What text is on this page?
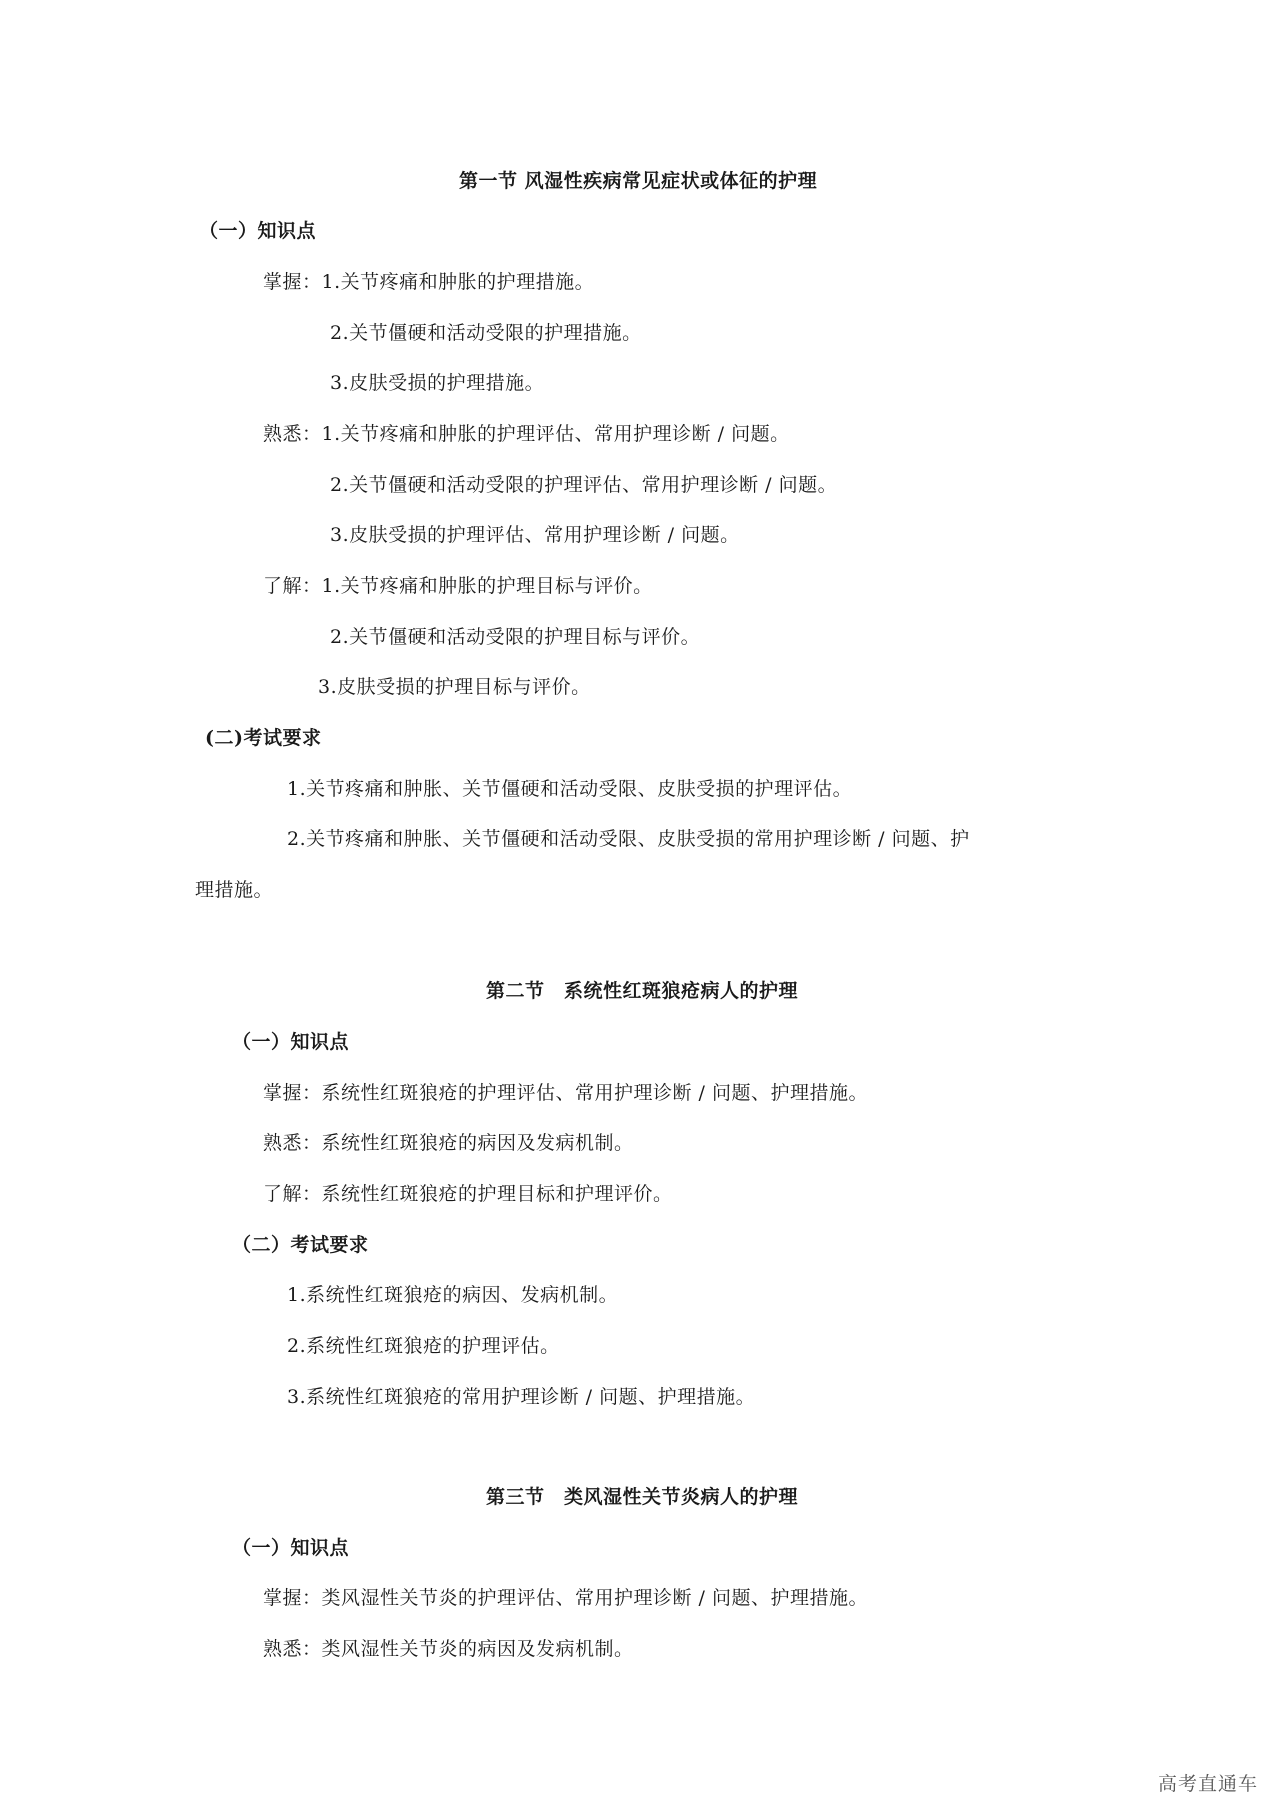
第一节 风湿性疾病常见症状或体征的护理
（一）知识点
掌握：1.关节疼痛和肿胀的护理措施。
2.关节僵硬和活动受限的护理措施。
3.皮肤受损的护理措施。
熟悉：1.关节疼痛和肿胀的护理评估、常用护理诊断 / 问题。
2.关节僵硬和活动受限的护理评估、常用护理诊断 / 问题。
3.皮肤受损的护理评估、常用护理诊断 / 问题。
了解：1.关节疼痛和肿胀的护理目标与评价。
2.关节僵硬和活动受限的护理目标与评价。
3.皮肤受损的护理目标与评价。
(二)考试要求
1.关节疼痛和肿胀、关节僵硬和活动受限、皮肤受损的护理评估。
2.关节疼痛和肿胀、关节僵硬和活动受限、皮肤受损的常用护理诊断 / 问题、护
理措施。
第二节　系统性红斑狼疮病人的护理
（一）知识点
掌握：系统性红斑狼疮的护理评估、常用护理诊断 / 问题、护理措施。
熟悉：系统性红斑狼疮的病因及发病机制。
了解：系统性红斑狼疮的护理目标和护理评价。
（二）考试要求
1.系统性红斑狼疮的病因、发病机制。
2.系统性红斑狼疮的护理评估。
3.系统性红斑狼疮的常用护理诊断 / 问题、护理措施。
第三节　类风湿性关节炎病人的护理
（一）知识点
掌握：类风湿性关节炎的护理评估、常用护理诊断 / 问题、护理措施。
熟悉：类风湿性关节炎的病因及发病机制。
高考直通车
